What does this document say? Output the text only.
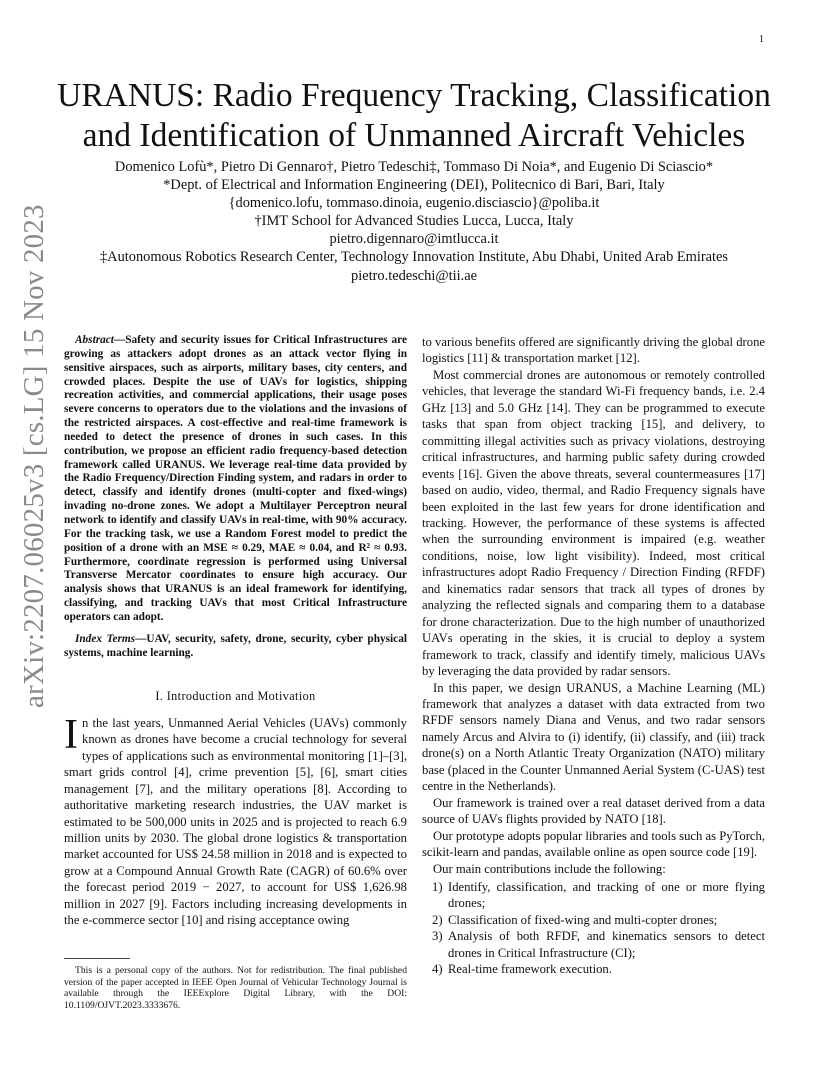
1
arXiv:2207.06025v3 [cs.LG] 15 Nov 2023
URANUS: Radio Frequency Tracking, Classification
and Identification of Unmanned Aircraft Vehicles
Domenico Lofù*, Pietro Di Gennaro†, Pietro Tedeschi‡, Tommaso Di Noia*, and Eugenio Di Sciascio*
*Dept. of Electrical and Information Engineering (DEI), Politecnico di Bari, Bari, Italy
{domenico.lofu, tommaso.dinoia, eugenio.disciascio}@poliba.it
†IMT School for Advanced Studies Lucca, Lucca, Italy
pietro.digennaro@imtlucca.it
‡Autonomous Robotics Research Center, Technology Innovation Institute, Abu Dhabi, United Arab Emirates
pietro.tedeschi@tii.ae

Abstract—Safety and security issues for Critical Infrastructures are growing as attackers adopt drones as an attack vector flying in sensitive airspaces, such as airports, military bases, city centers, and crowded places. Despite the use of UAVs for logistics, shipping recreation activities, and commercial applications, their usage poses severe concerns to operators due to the violations and the invasions of the restricted airspaces. A cost-effective and real-time framework is needed to detect the presence of drones in such cases. In this contribution, we propose an efficient radio frequency-based detection framework called URANUS. We leverage real-time data provided by the Radio Frequency/Direction Finding system, and radars in order to detect, classify and identify drones (multi-copter and fixed-wings) invading no-drone zones. We adopt a Multilayer Perceptron neural network to identify and classify UAVs in real-time, with 90% accuracy. For the tracking task, we use a Random Forest model to predict the position of a drone with an MSE ≈ 0.29, MAE ≈ 0.04, and R² ≈ 0.93. Furthermore, coordinate regression is performed using Universal Transverse Mercator coordinates to ensure high accuracy. Our analysis shows that URANUS is an ideal framework for identifying, classifying, and tracking UAVs that most Critical Infrastructure operators can adopt.

Index Terms—UAV, security, safety, drone, security, cyber physical systems, machine learning.

I. Introduction and Motivation

In the last years, Unmanned Aerial Vehicles (UAVs) commonly known as drones have become a crucial technology for several types of applications such as environmental monitoring [1]–[3], smart grids control [4], crime prevention [5], [6], smart cities management [7], and the military operations [8]. According to authoritative marketing research industries, the UAV market is estimated to be 500,000 units in 2025 and is projected to reach 6.9 million units by 2030. The global drone logistics & transportation market accounted for US$ 24.58 million in 2018 and is expected to grow at a Compound Annual Growth Rate (CAGR) of 60.6% over the forecast period 2019 − 2027, to account for US$ 1,626.98 million in 2027 [9]. Factors including increasing developments in the e-commerce sector [10] and rising acceptance owing

This is a personal copy of the authors. Not for redistribution. The final published version of the paper accepted in IEEE Open Journal of Vehicular Technology Journal is available through the IEEExplore Digital Library, with the DOI: 10.1109/OJVT.2023.3333676.

to various benefits offered are significantly driving the global drone logistics [11] & transportation market [12].

Most commercial drones are autonomous or remotely controlled vehicles, that leverage the standard Wi-Fi frequency bands, i.e. 2.4 GHz [13] and 5.0 GHz [14]. They can be programmed to execute tasks that span from object tracking [15], and delivery, to committing illegal activities such as privacy violations, destroying critical infrastructures, and harming public safety during crowded events [16]. Given the above threats, several countermeasures [17] based on audio, video, thermal, and Radio Frequency signals have been exploited in the last few years for drone identification and tracking. However, the performance of these systems is affected when the surrounding environment is impaired (e.g. weather conditions, noise, low light visibility). Indeed, most critical infrastructures adopt Radio Frequency / Direction Finding (RFDF) and kinematics radar sensors that track all types of drones by analyzing the reflected signals and comparing them to a database for drone characterization. Due to the high number of unauthorized UAVs operating in the skies, it is crucial to deploy a system framework to track, classify and identify timely, malicious UAVs by leveraging the data provided by radar sensors.

In this paper, we design URANUS, a Machine Learning (ML) framework that analyzes a dataset with data extracted from two RFDF sensors namely Diana and Venus, and two radar sensors namely Arcus and Alvira to (i) identify, (ii) classify, and (iii) track drone(s) on a North Atlantic Treaty Organization (NATO) military base (placed in the Counter Unmanned Aerial System (C-UAS) test centre in the Netherlands).

Our framework is trained over a real dataset derived from a data source of UAVs flights provided by NATO [18].

Our prototype adopts popular libraries and tools such as PyTorch, scikit-learn and pandas, available online as open source code [19].

Our main contributions include the following:

1) Identify, classification, and tracking of one or more flying drones;
2) Classification of fixed-wing and multi-copter drones;
3) Analysis of both RFDF, and kinematics sensors to detect drones in Critical Infrastructure (CI);
4) Real-time framework execution.
